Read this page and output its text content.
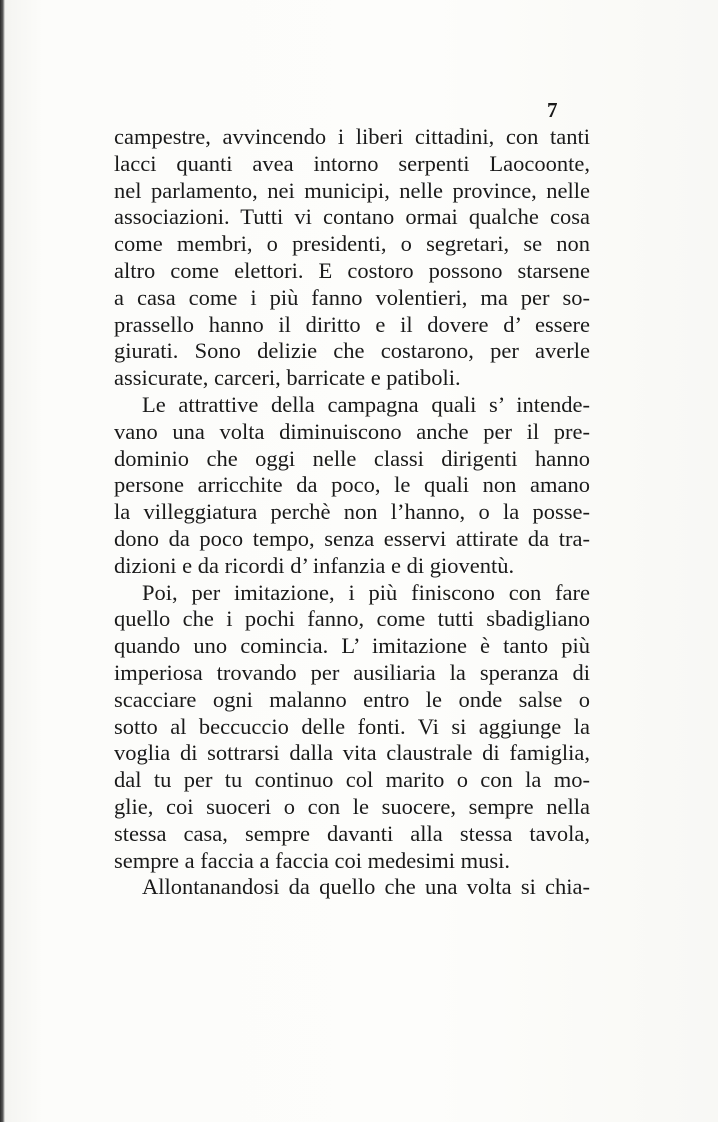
7
campestre, avvincendo i liberi cittadini, con tanti
lacci quanti avea intorno serpenti Laocoonte,
nel parlamento, nei municipi, nelle province, nelle
associazioni. Tutti vi contano ormai qualche cosa
come membri, o presidenti, o segretari, se non
altro come elettori. E costoro possono starsene
a casa come i più fanno volentieri, ma per so-
prassello hanno il diritto e il dovere d’ essere
giurati. Sono delizie che costarono, per averle
assicurate, carceri, barricate e patiboli.
Le attrattive della campagna quali s’ intende-
vano una volta diminuiscono anche per il pre-
dominio che oggi nelle classi dirigenti hanno
persone arricchite da poco, le quali non amano
la villeggiatura perchè non l’hanno, o la posse-
dono da poco tempo, senza esservi attirate da tra-
dizioni e da ricordi d’ infanzia e di gioventù.
Poi, per imitazione, i più finiscono con fare
quello che i pochi fanno, come tutti sbadigliano
quando uno comincia. L’ imitazione è tanto più
imperiosa trovando per ausiliaria la speranza di
scacciare ogni malanno entro le onde salse o
sotto al beccuccio delle fonti. Vi si aggiunge la
voglia di sottrarsi dalla vita claustrale di famiglia,
dal tu per tu continuo col marito o con la mo-
glie, coi suoceri o con le suocere, sempre nella
stessa casa, sempre davanti alla stessa tavola,
sempre a faccia a faccia coi medesimi musi.
Allontanandosi da quello che una volta si chia-
